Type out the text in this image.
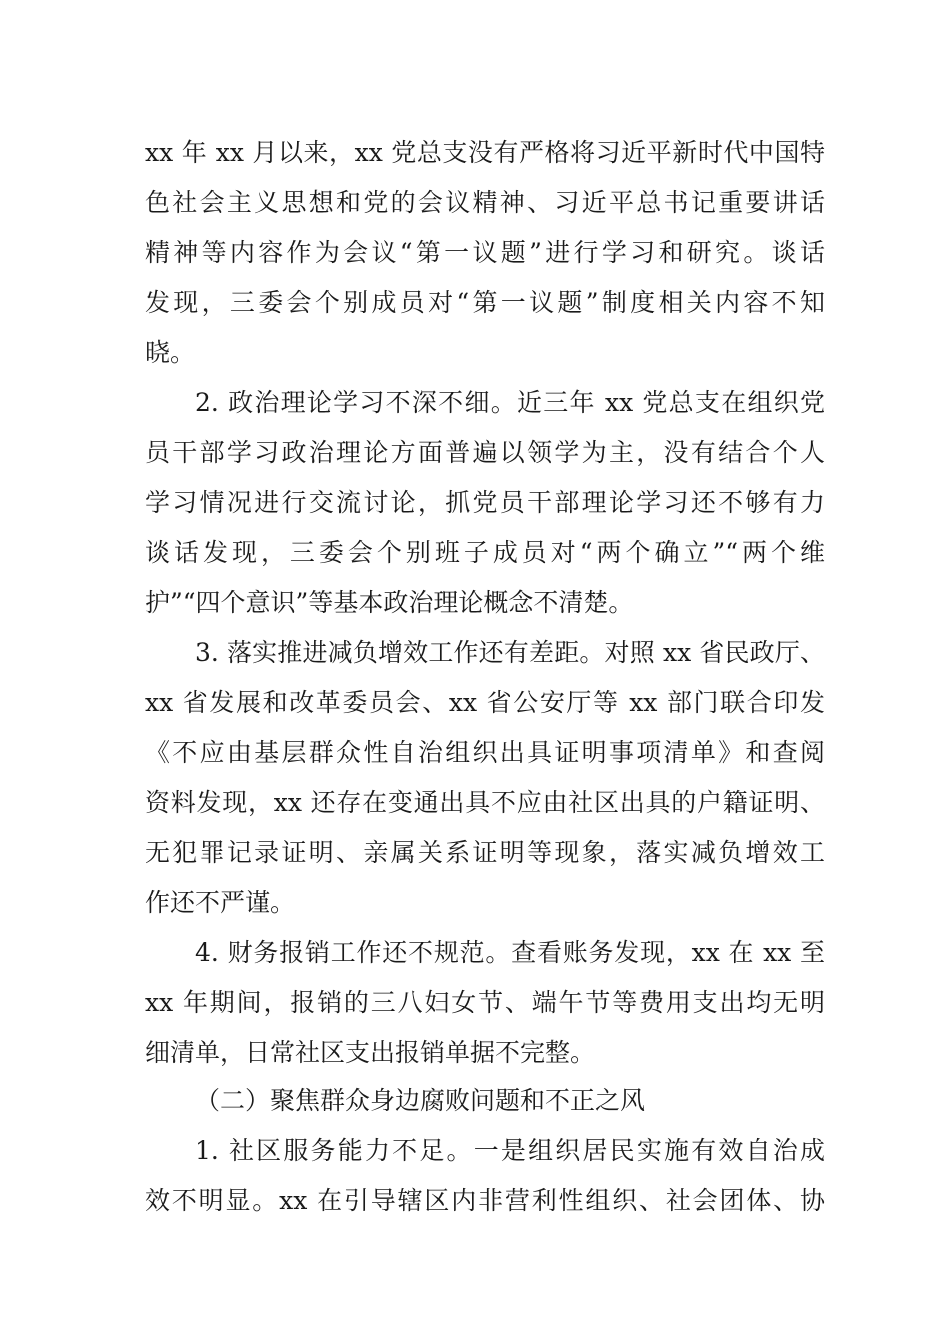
xx 年 xx 月以来，xx 党总支没有严格将习近平新时代中国特
色社会主义思想和党的会议精神、习近平总书记重要讲话
精神等内容作为会议“第一议题”进行学习和研究。谈话
发现，三委会个别成员对“第一议题”制度相关内容不知
晓。
2. 政治理论学习不深不细。近三年 xx 党总支在组织党
员干部学习政治理论方面普遍以领学为主，没有结合个人
学习情况进行交流讨论，抓党员干部理论学习还不够有力
谈话发现，三委会个别班子成员对“两个确立”“两个维
护”“四个意识”等基本政治理论概念不清楚。
3. 落实推进减负增效工作还有差距。对照 xx 省民政厅、
xx 省发展和改革委员会、xx 省公安厅等 xx 部门联合印发
《不应由基层群众性自治组织出具证明事项清单》和查阅
资料发现，xx 还存在变通出具不应由社区出具的户籍证明、
无犯罪记录证明、亲属关系证明等现象，落实减负增效工
作还不严谨。
4. 财务报销工作还不规范。查看账务发现，xx 在 xx 至
xx 年期间，报销的三八妇女节、端午节等费用支出均无明
细清单，日常社区支出报销单据不完整。
（二）聚焦群众身边腐败问题和不正之风
1. 社区服务能力不足。一是组织居民实施有效自治成
效不明显。xx 在引导辖区内非营利性组织、社会团体、协
